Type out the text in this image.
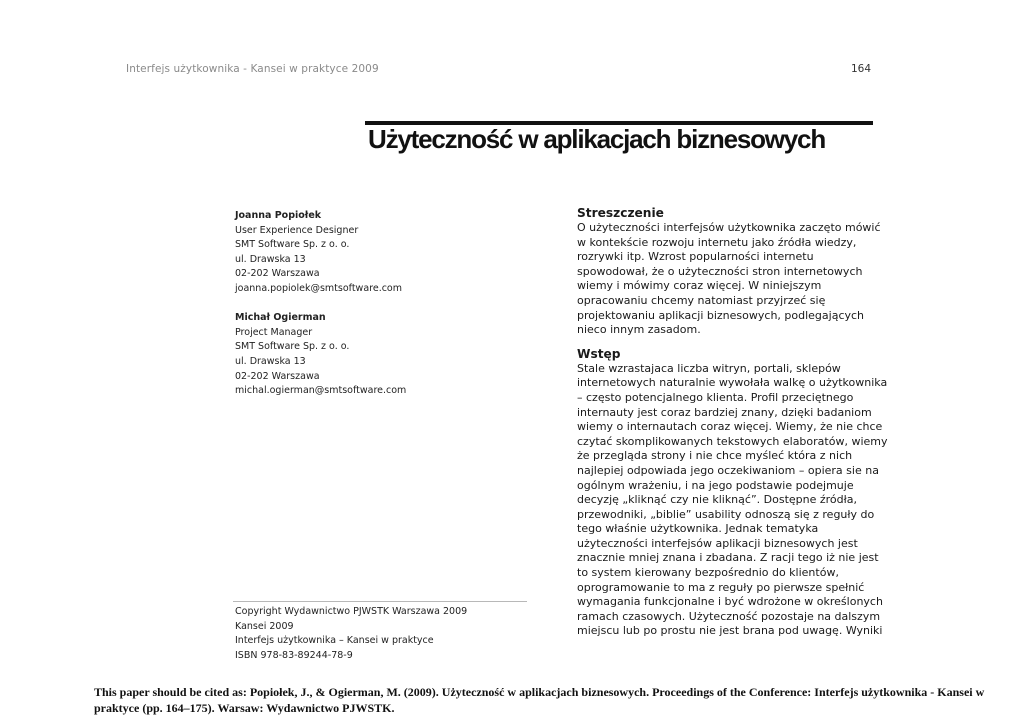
Interfejs użytkownika - Kansei w praktyce 2009	164
Użyteczność w aplikacjach biznesowych
Joanna Popiołek
User Experience Designer
SMT Software Sp. z o. o.
ul. Drawska 13
02-202 Warszawa
joanna.popiolek@smtsoftware.com
Michał Ogierman
Project Manager
SMT Software Sp. z o. o.
ul. Drawska 13
02-202 Warszawa
michal.ogierman@smtsoftware.com
Copyright Wydawnictwo PJWSTK Warszawa 2009
Kansei 2009
Interfejs użytkownika – Kansei w praktyce
ISBN 978-83-89244-78-9
Streszczenie
O użyteczności interfejsów użytkownika zaczęto mówić
w kontekście rozwoju internetu jako źródła wiedzy,
rozrywki itp. Wzrost popularności internetu
spowodował, że o użyteczności stron internetowych
wiemy i mówimy coraz więcej. W niniejszym
opracowaniu chcemy natomiast przyjrzeć się
projektowaniu aplikacji biznesowych, podlegających
nieco innym zasadom.
Wstęp
Stale wzrastajaca liczba witryn, portali, sklepów
internetowych naturalnie wywołała walkę o użytkownika
– często potencjalnego klienta. Profil przeciętnego
internauty jest coraz bardziej znany, dzięki badaniom
wiemy o internautach coraz więcej. Wiemy, że nie chce
czytać skomplikowanych tekstowych elaboratów, wiemy
że przegląda strony i nie chce myśleć która z nich
najlepiej odpowiada jego oczekiwaniom – opiera sie na
ogólnym wrażeniu, i na jego podstawie podejmuje
decyzję „kliknąć czy nie kliknąć”. Dostępne źródła,
przewodniki, „biblie” usability odnoszą się z reguły do
tego właśnie użytkownika. Jednak tematyka
użyteczności interfejsów aplikacji biznesowych jest
znacznie mniej znana i zbadana. Z racji tego iż nie jest
to system kierowany bezpośrednio do klientów,
oprogramowanie to ma z reguły po pierwsze spełnić
wymagania funkcjonalne i być wdrożone w określonych
ramach czasowych. Użyteczność pozostaje na dalszym
miejscu lub po prostu nie jest brana pod uwagę. Wyniki
This paper should be cited as: Popiołek, J., & Ogierman, M. (2009). Użyteczność w aplikacjach biznesowych. Proceedings of the Conference: Interfejs użytkownika - Kansei w
praktyce (pp. 164–175). Warsaw: Wydawnictwo PJWSTK.
